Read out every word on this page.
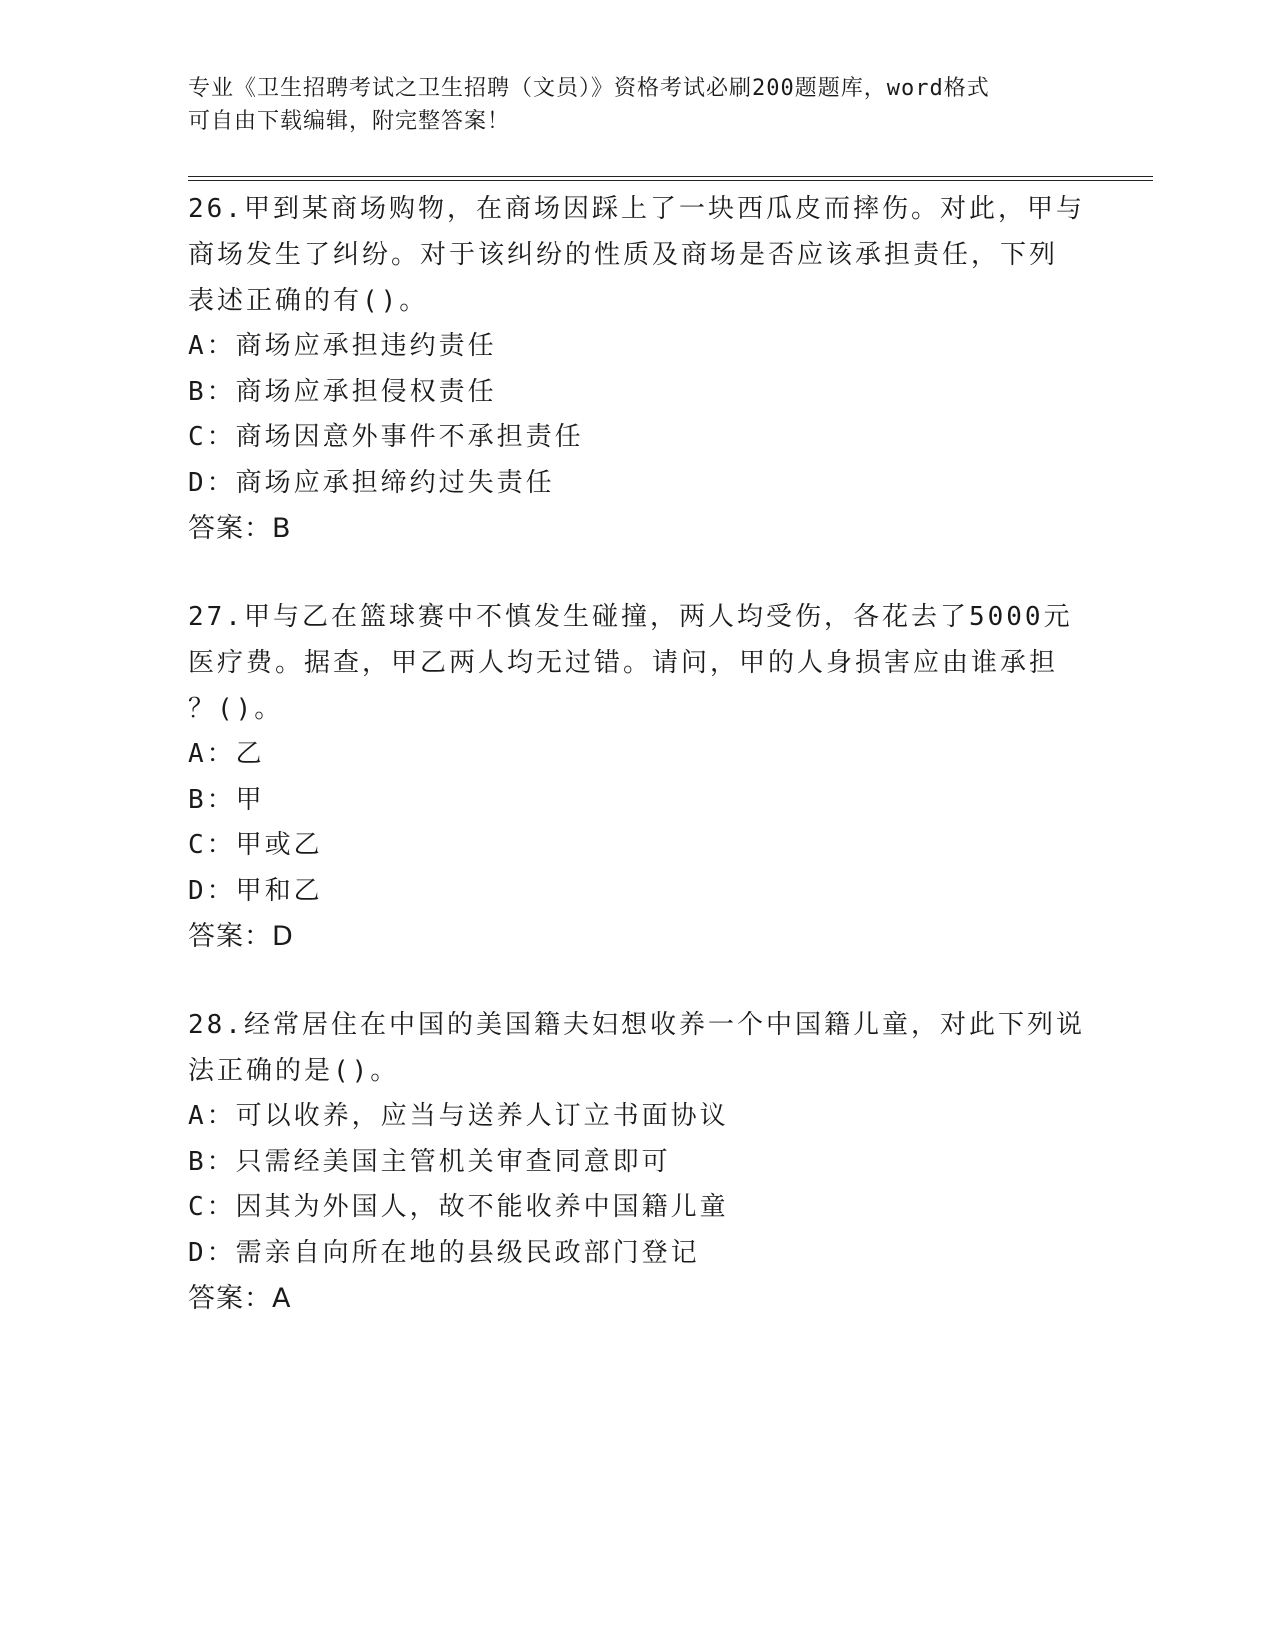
专业《卫生招聘考试之卫生招聘（文员）》资格考试必刷200题题库，word格式
可自由下载编辑，附完整答案！

26.甲到某商场购物，在商场因踩上了一块西瓜皮而摔伤。对此，甲与

商场发生了纠纷。对于该纠纷的性质及商场是否应该承担责任，下列

表述正确的有()。

A：商场应承担违约责任
B：商场应承担侵权责任
C：商场因意外事件不承担责任
D：商场应承担缔约过失责任

答案：B

27.甲与乙在篮球赛中不慎发生碰撞，两人均受伤，各花去了5000元

医疗费。据查，甲乙两人均无过错。请问，甲的人身损害应由谁承担

？()。

A：乙
B：甲
C：甲或乙
D：甲和乙

答案：D

28.经常居住在中国的美国籍夫妇想收养一个中国籍儿童，对此下列说

法正确的是()。

A：可以收养，应当与送养人订立书面协议
B：只需经美国主管机关审查同意即可
C：因其为外国人，故不能收养中国籍儿童
D：需亲自向所在地的县级民政部门登记

答案：A
